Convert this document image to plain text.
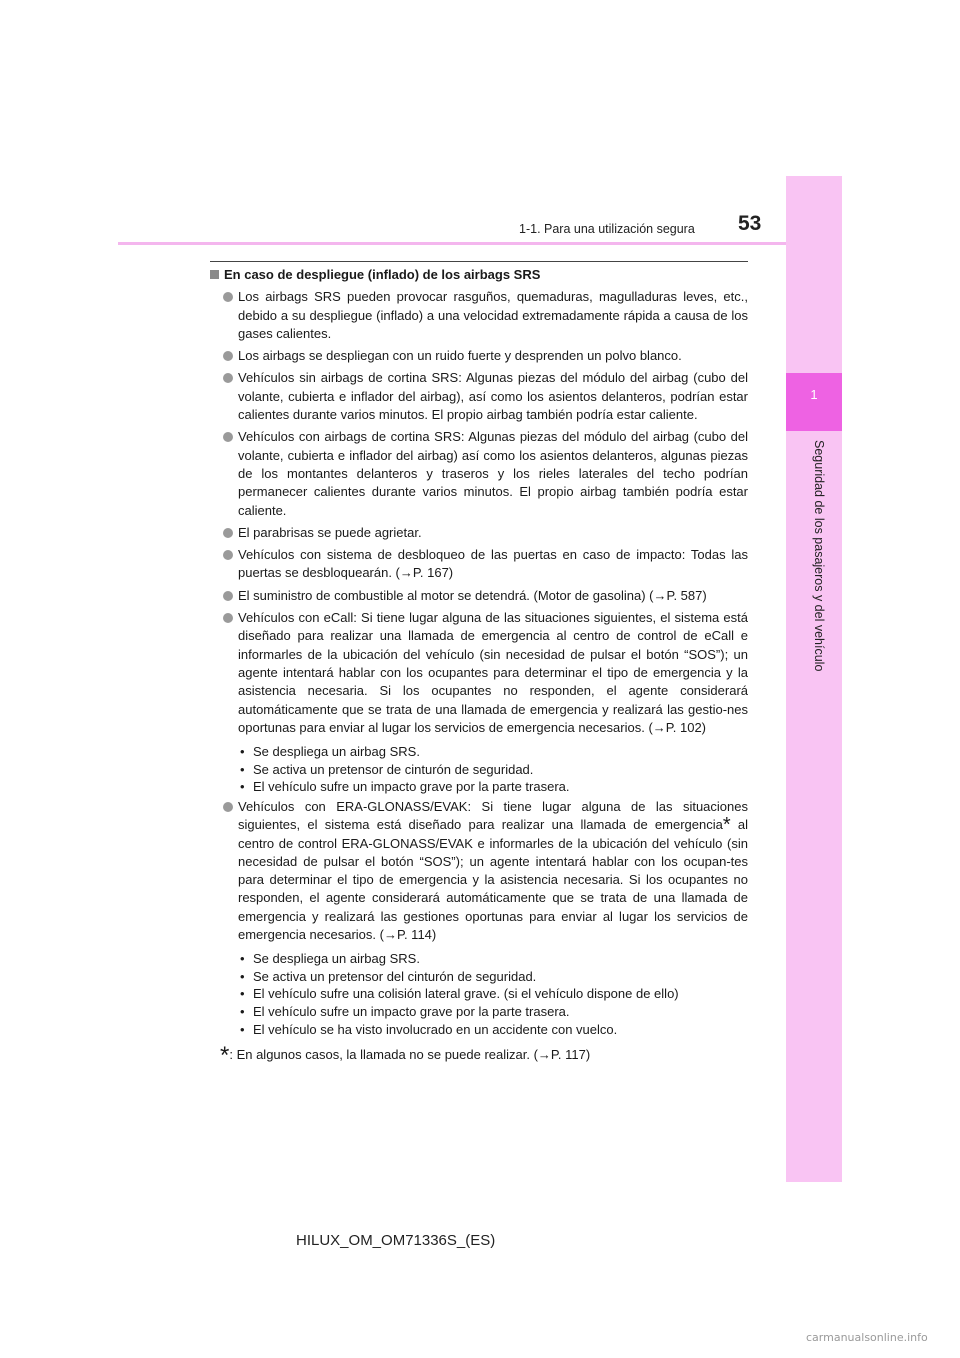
1
Seguridad de los pasajeros y del vehículo
1-1. Para una utilización segura 53

En caso de despliegue (inflado) de los airbags SRS

Los airbags SRS pueden provocar rasguños, quemaduras, magulladuras leves, etc., debido a su despliegue (inflado) a una velocidad extremadamente rápida a causa de los gases calientes.

Los airbags se despliegan con un ruido fuerte y desprenden un polvo blanco.

Vehículos sin airbags de cortina SRS: Algunas piezas del módulo del airbag (cubo del volante, cubierta e inflador del airbag), así como los asientos delanteros, podrían estar calientes durante varios minutos. El propio airbag también podría estar caliente.

Vehículos con airbags de cortina SRS: Algunas piezas del módulo del airbag (cubo del volante, cubierta e inflador del airbag) así como los asientos delanteros, algunas piezas de los montantes delanteros y traseros y los rieles laterales del techo podrían permanecer calientes durante varios minutos. El propio airbag también podría estar caliente.

El parabrisas se puede agrietar.

Vehículos con sistema de desbloqueo de las puertas en caso de impacto: Todas las puertas se desbloquearán. (→P. 167)

El suministro de combustible al motor se detendrá. (Motor de gasolina) (→P. 587)

Vehículos con eCall: Si tiene lugar alguna de las situaciones siguientes, el sistema está diseñado para realizar una llamada de emergencia al centro de control de eCall e informarles de la ubicación del vehículo (sin necesidad de pulsar el botón “SOS”); un agente intentará hablar con los ocupantes para determinar el tipo de emergencia y la asistencia necesaria. Si los ocupantes no responden, el agente considerará automáticamente que se trata de una llamada de emergencia y realizará las gestio-nes oportunas para enviar al lugar los servicios de emergencia necesarios. (→P. 102)

• Se despliega un airbag SRS.
• Se activa un pretensor de cinturón de seguridad.
• El vehículo sufre un impacto grave por la parte trasera.

Vehículos con ERA-GLONASS/EVAK: Si tiene lugar alguna de las situaciones siguientes, el sistema está diseñado para realizar una llamada de emergencia* al centro de control ERA-GLONASS/EVAK e informarles de la ubicación del vehículo (sin necesidad de pulsar el botón “SOS”); un agente intentará hablar con los ocupan-tes para determinar el tipo de emergencia y la asistencia necesaria. Si los ocupantes no responden, el agente considerará automáticamente que se trata de una llamada de emergencia y realizará las gestiones oportunas para enviar al lugar los servicios de emergencia necesarios. (→P. 114)

• Se despliega un airbag SRS.
• Se activa un pretensor del cinturón de seguridad.
• El vehículo sufre una colisión lateral grave. (si el vehículo dispone de ello)
• El vehículo sufre un impacto grave por la parte trasera.
• El vehículo se ha visto involucrado en un accidente con vuelco.

*: En algunos casos, la llamada no se puede realizar. (→P. 117)

HILUX_OM_OM71336S_(ES)
carmanualsonline.info
